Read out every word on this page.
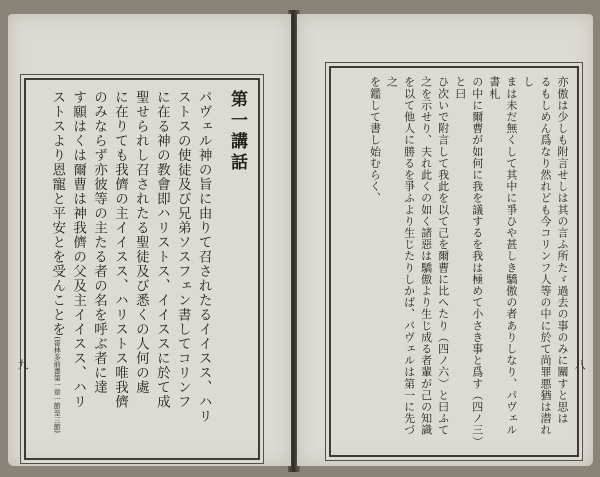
第一講話
パヴェル神の旨に由りて召されたるイイスス、ハリ
ストスの使徒及び兄弟ソスフェン書してコリンフ
に在る神の教會即ハリストス、イイススに於て成
聖せられし召されたる聖徒及び悉くの人何の處
に在りても我儕の主イイスス、ハリストス唯我儕
のみならず亦彼等の主たる者の名を呼ぶ者に達
す願はくは爾曹は神我儕の父及主イイスス、ハリ
ストスより恩寵と平安とを受んことを(哥林多前書第一章一節至三節)
九	亦傲は少しも附言せしは其の言ふ所たゞ過去の事のみに關すと思は
るもしめん爲なり然れども今コリンフ人等の中に於て尚罪悪猶は潜れし
まは未だ無くして其中に爭ひや甚しき驕傲の者ありしなり、パヴェル書札
の中に爾曹が如何に我を議するを我は極めて小さき事と爲す（四ノ三）と曰
ひ次いで附言して我此を以て己を爾曹に比へたり（四ノ六）と曰ふて
之を示せり、夫れ此くの如く諸惡は驕傲より生じ成る者輩が己の知識
を以て他人に勝るを爭ふより生じたりしかば、パヴェルは第一に先づ之
を鑑して書し始むらく、
八
